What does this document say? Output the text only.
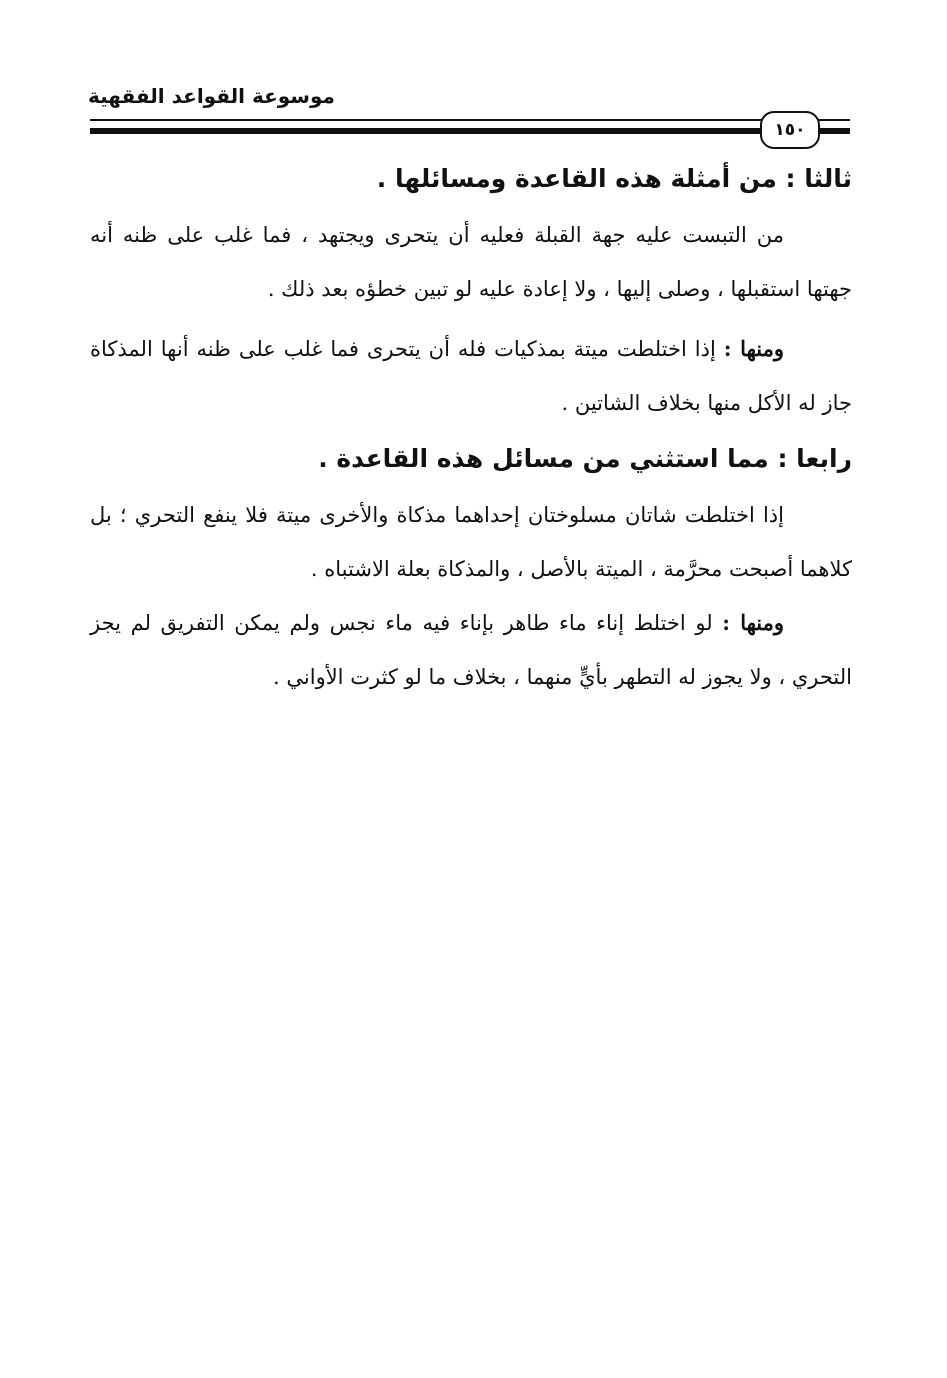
موسوعة القواعد الفقهية
١٥٠

ثالثا : من أمثلة هذه القاعدة ومسائلها .

من التبست عليه جهة القبلة فعليه أن يتحرى ويجتهد ، فما غلب على ظنه أنه جهتها استقبلها ، وصلى إليها ، ولا إعادة عليه لو تبين خطؤه بعد ذلك .

ومنها : إذا اختلطت ميتة بمذكيات فله أن يتحرى فما غلب على ظنه أنها المذكاة جاز له الأكل منها بخلاف الشاتين .

رابعا : مما استثني من مسائل هذه القاعدة .

إذا اختلطت شاتان مسلوختان إحداهما مذكاة والأخرى ميتة فلا ينفع التحري ؛ بل كلاهما أصبحت محرَّمة ، الميتة بالأصل ، والمذكاة بعلة الاشتباه .

ومنها : لو اختلط إناء ماء طاهر بإناء فيه ماء نجس ولم يمكن التفريق لم يجز التحري ، ولا يجوز له التطهر بأيٍّ منهما ، بخلاف ما لو كثرت الأواني .
